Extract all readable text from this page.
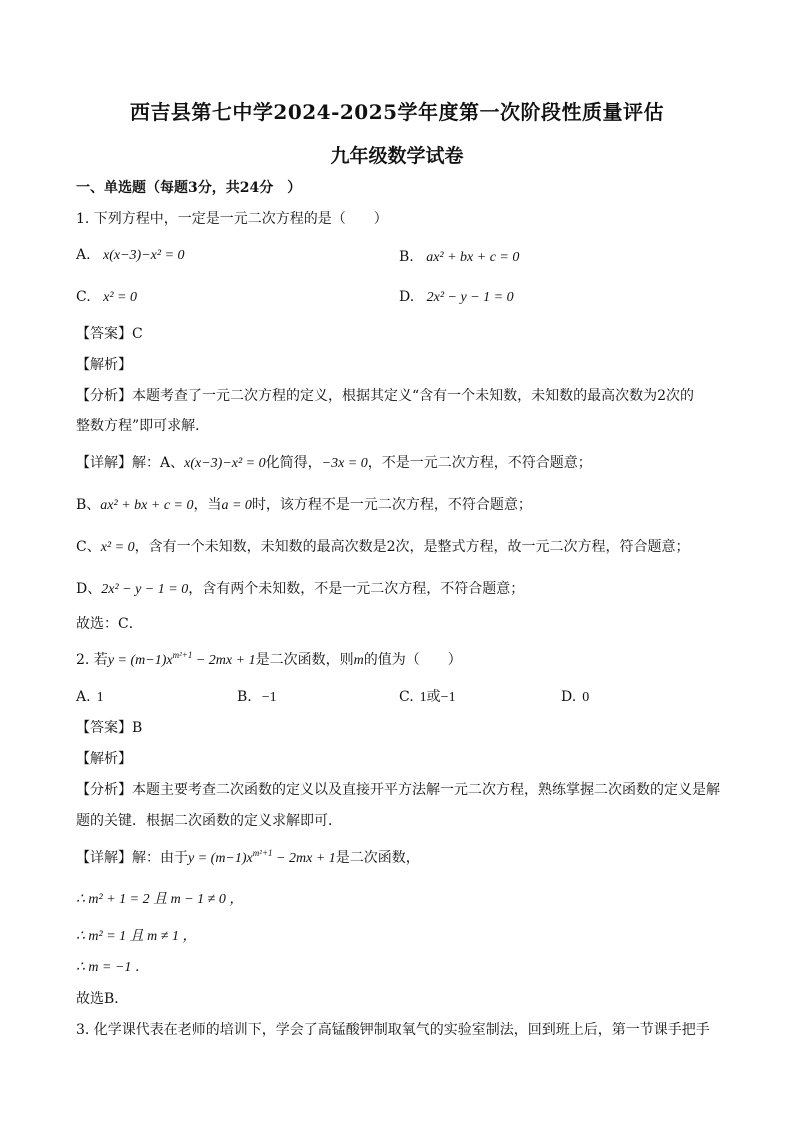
西吉县第七中学2024-2025学年度第一次阶段性质量评估
九年级数学试卷
一、单选题（每题3分，共24分　）
1. 下列方程中，一定是一元二次方程的是（　　）
A. x(x−3)−x² = 0	B. ax² + bx + c = 0
C. x² = 0	D. 2x² − y − 1 = 0
【答案】C
【解析】
【分析】本题考查了一元二次方程的定义，根据其定义“含有一个未知数，未知数的最高次数为2次的
整数方程”即可求解．
【详解】解：A、x(x−3)−x² = 0化简得，−3x = 0，不是一元二次方程，不符合题意；
B、ax² + bx + c = 0，当a = 0时，该方程不是一元二次方程，不符合题意；
C、x² = 0，含有一个未知数，未知数的最高次数是2次，是整式方程，故一元二次方程，符合题意；
D、2x² − y − 1 = 0，含有两个未知数，不是一元二次方程，不符合题意；
故选：C．
2. 若$y = (m-1)x^{m^2+1} - 2mx + 1$是二次函数，则m的值为（　　）
A. 1	B. −1	C. 1或−1	D. 0
【答案】B
【解析】
【分析】本题主要考查二次函数的定义以及直接开平方法解一元二次方程，熟练掌握二次函数的定义是解
题的关键．根据二次函数的定义求解即可．
【详解】解：由于$y = (m-1)x^{m^2+1} - 2mx + 1$是二次函数，
∴ m² + 1 = 2 且 m − 1 ≠ 0 ，
∴ m² = 1 且 m ≠ 1 ，
∴ m = −1 ．
故选B．
3. 化学课代表在老师的培训下，学会了高锰酸钾制取氧气的实验室制法，回到班上后，第一节课手把手
